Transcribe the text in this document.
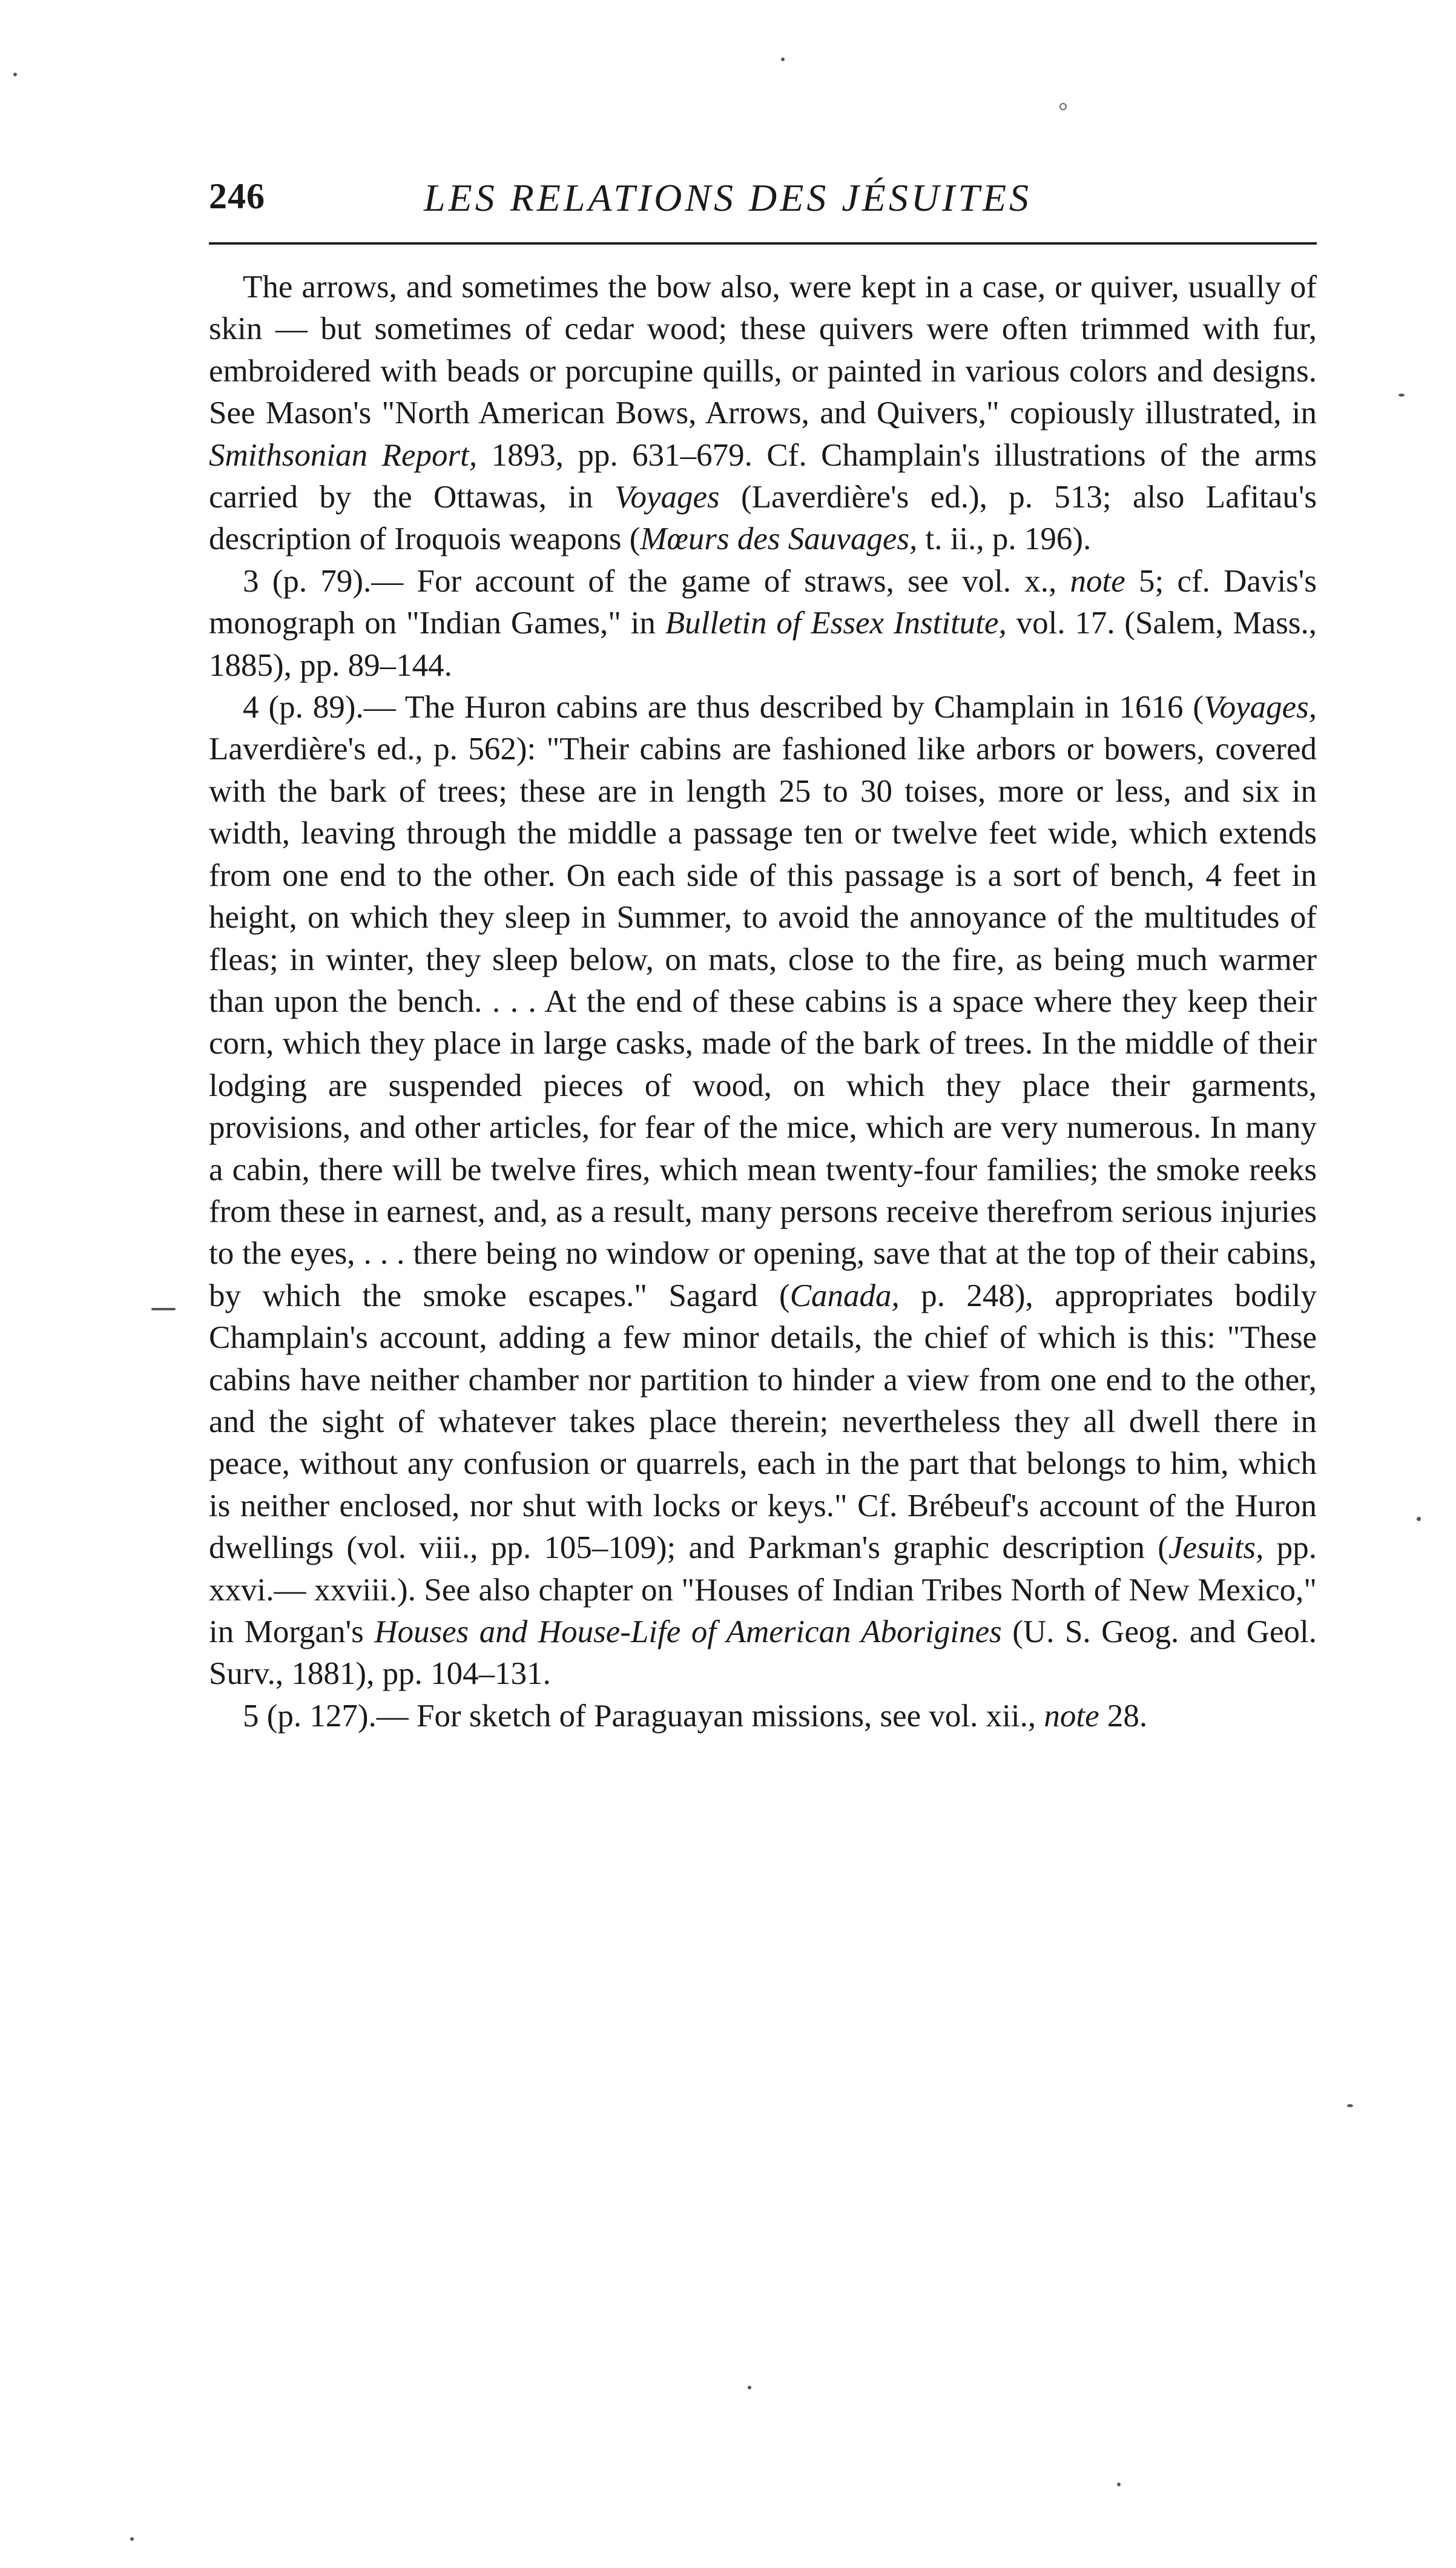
246	LES RELATIONS DES JÉSUITES

The arrows, and sometimes the bow also, were kept in a case, or quiver, usually of skin — but sometimes of cedar wood; these quivers were often trimmed with fur, embroidered with beads or porcupine quills, or painted in various colors and designs. See Mason's "North American Bows, Arrows, and Quivers," copiously illustrated, in Smithsonian Report, 1893, pp. 631–679. Cf. Champlain's illustrations of the arms carried by the Ottawas, in Voyages (Laverdière's ed.), p. 513; also Lafitau's description of Iroquois weapons (Mœurs des Sauvages, t. ii., p. 196).

3 (p. 79).— For account of the game of straws, see vol. x., note 5; cf. Davis's monograph on "Indian Games," in Bulletin of Essex Institute, vol. 17. (Salem, Mass., 1885), pp. 89–144.

4 (p. 89).— The Huron cabins are thus described by Champlain in 1616 (Voyages, Laverdière's ed., p. 562): "Their cabins are fashioned like arbors or bowers, covered with the bark of trees; these are in length 25 to 30 toises, more or less, and six in width, leaving through the middle a passage ten or twelve feet wide, which extends from one end to the other. On each side of this passage is a sort of bench, 4 feet in height, on which they sleep in Summer, to avoid the annoyance of the multitudes of fleas; in winter, they sleep below, on mats, close to the fire, as being much warmer than upon the bench. . . . At the end of these cabins is a space where they keep their corn, which they place in large casks, made of the bark of trees. In the middle of their lodging are suspended pieces of wood, on which they place their garments, provisions, and other articles, for fear of the mice, which are very numerous. In many a cabin, there will be twelve fires, which mean twenty-four families; the smoke reeks from these in earnest, and, as a result, many persons receive therefrom serious injuries to the eyes, . . . there being no window or opening, save that at the top of their cabins, by which the smoke escapes." Sagard (Canada, p. 248), appropriates bodily Champlain's account, adding a few minor details, the chief of which is this: "These cabins have neither chamber nor partition to hinder a view from one end to the other, and the sight of whatever takes place therein; nevertheless they all dwell there in peace, without any confusion or quarrels, each in the part that belongs to him, which is neither enclosed, nor shut with locks or keys." Cf. Brébeuf's account of the Huron dwellings (vol. viii., pp. 105–109); and Parkman's graphic description (Jesuits, pp. xxvi.— xxviii.). See also chapter on "Houses of Indian Tribes North of New Mexico," in Morgan's Houses and House-Life of American Aborigines (U. S. Geog. and Geol. Surv., 1881), pp. 104–131.

5 (p. 127).— For sketch of Paraguayan missions, see vol. xii., note 28.
